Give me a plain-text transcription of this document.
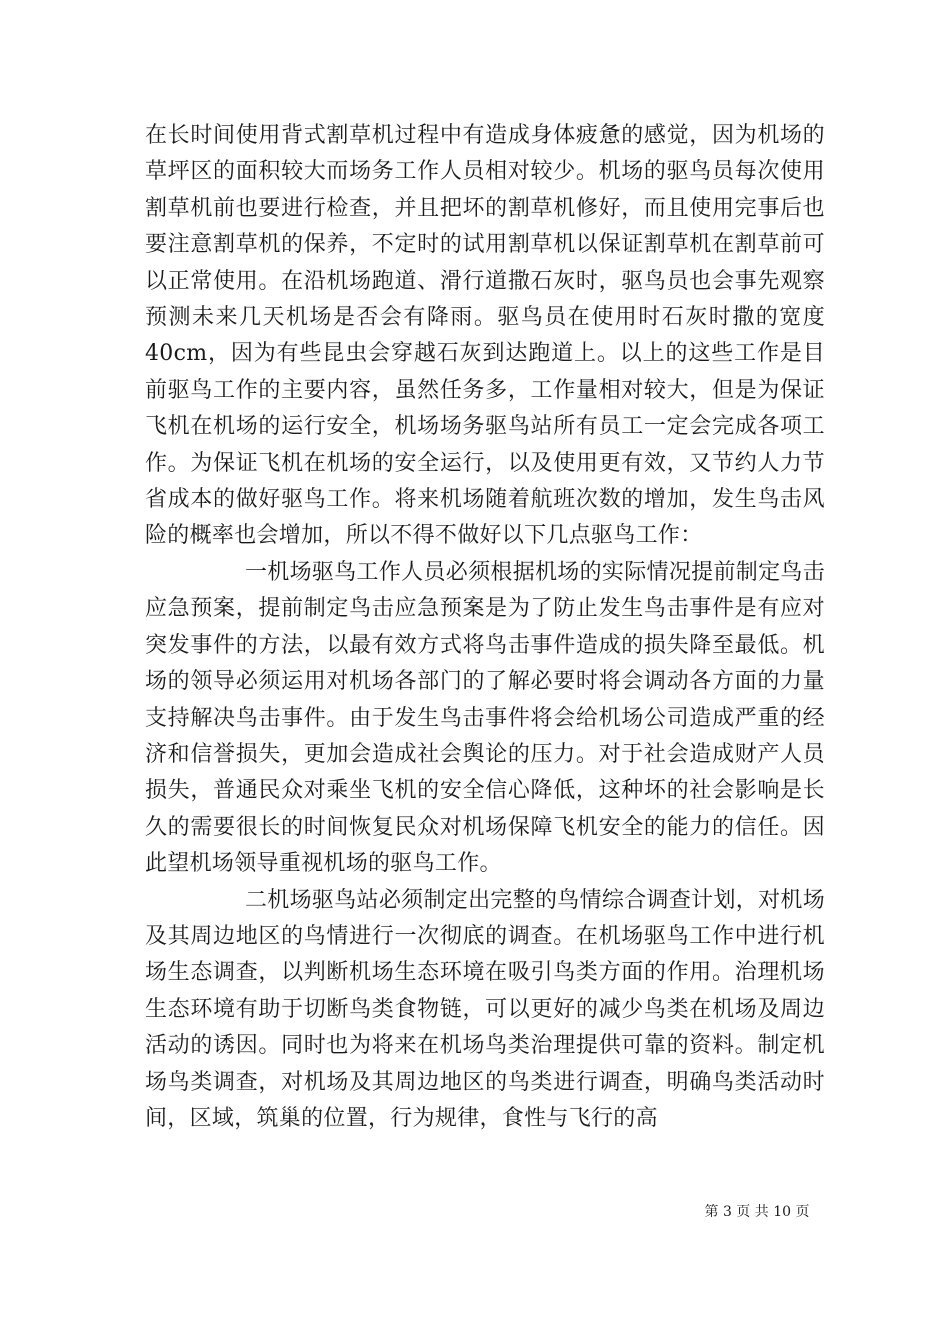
在长时间使用背式割草机过程中有造成身体疲惫的感觉，因为机场的草坪区的面积较大而场务工作人员相对较少。机场的驱鸟员每次使用割草机前也要进行检查，并且把坏的割草机修好，而且使用完事后也要注意割草机的保养，不定时的试用割草机以保证割草机在割草前可以正常使用。在沿机场跑道、滑行道撒石灰时，驱鸟员也会事先观察预测未来几天机场是否会有降雨。驱鸟员在使用时石灰时撒的宽度40cm，因为有些昆虫会穿越石灰到达跑道上。以上的这些工作是目前驱鸟工作的主要内容，虽然任务多，工作量相对较大，但是为保证飞机在机场的运行安全，机场场务驱鸟站所有员工一定会完成各项工作。为保证飞机在机场的安全运行，以及使用更有效，又节约人力节省成本的做好驱鸟工作。将来机场随着航班次数的增加，发生鸟击风险的概率也会增加，所以不得不做好以下几点驱鸟工作：

一机场驱鸟工作人员必须根据机场的实际情况提前制定鸟击应急预案，提前制定鸟击应急预案是为了防止发生鸟击事件是有应对突发事件的方法，以最有效方式将鸟击事件造成的损失降至最低。机场的领导必须运用对机场各部门的了解必要时将会调动各方面的力量支持解决鸟击事件。由于发生鸟击事件将会给机场公司造成严重的经济和信誉损失，更加会造成社会舆论的压力。对于社会造成财产人员损失，普通民众对乘坐飞机的安全信心降低，这种坏的社会影响是长久的需要很长的时间恢复民众对机场保障飞机安全的能力的信任。因此望机场领导重视机场的驱鸟工作。

二机场驱鸟站必须制定出完整的鸟情综合调查计划，对机场及其周边地区的鸟情进行一次彻底的调查。在机场驱鸟工作中进行机场生态调查，以判断机场生态环境在吸引鸟类方面的作用。治理机场生态环境有助于切断鸟类食物链，可以更好的减少鸟类在机场及周边活动的诱因。同时也为将来在机场鸟类治理提供可靠的资料。制定机场鸟类调查，对机场及其周边地区的鸟类进行调查，明确鸟类活动时间，区域，筑巢的位置，行为规律，食性与飞行的高

第 3 页 共 10 页
